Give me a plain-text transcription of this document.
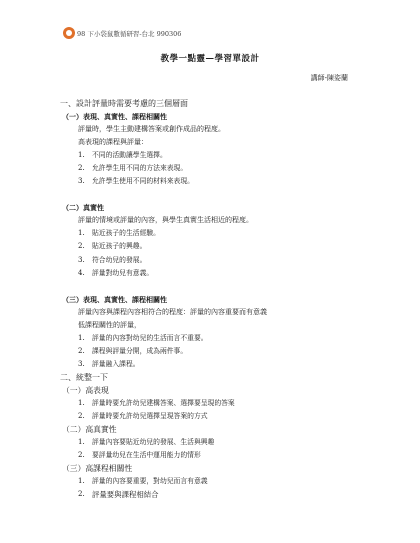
98 下小袋鼠數循研習-台北 990306
教學一點靈—學習單設計
講師-陳姿蘭
一、設計評量時需要考慮的三個層面
（一）表現、真實性、課程相關性
評量時，學生主動建構答案或創作成品的程度。
高表現的課程與評量：
1.	不同的活動讓學生選擇。
2.	允許學生用不同的方法來表現。
3.	允許學生使用不同的材料來表現。
（二）真實性
評量的情境或評量的內容，與學生真實生活相近的程度。
1.	貼近孩子的生活經驗。
2.	貼近孩子的興趣。
3.	符合幼兒的發展。
4.	評量對幼兒有意義。
（三）表現、真實性、課程相關性
評量內容與課程內容相符合的程度：評量的內容重要而有意義
低課程關性的評量，
1.	評量的內容對幼兒的生活而言不重要。
2.	課程與評量分開，成為兩件事。
3.	評量融入課程。
二、統整一下
（一）高表現
1.	評量時要允許幼兒建構答案、選擇要呈現的答案
2.	評量時要允許幼兒選擇呈現答案的方式
（二）高真實性
1.	評量內容要貼近幼兒的發展、生活與興趣
2.	要評量幼兒在生活中運用能力的情形
（三）高課程相關性
1.	評量的內容要重要，對幼兒而言有意義
2. 評量要與課程相結合
